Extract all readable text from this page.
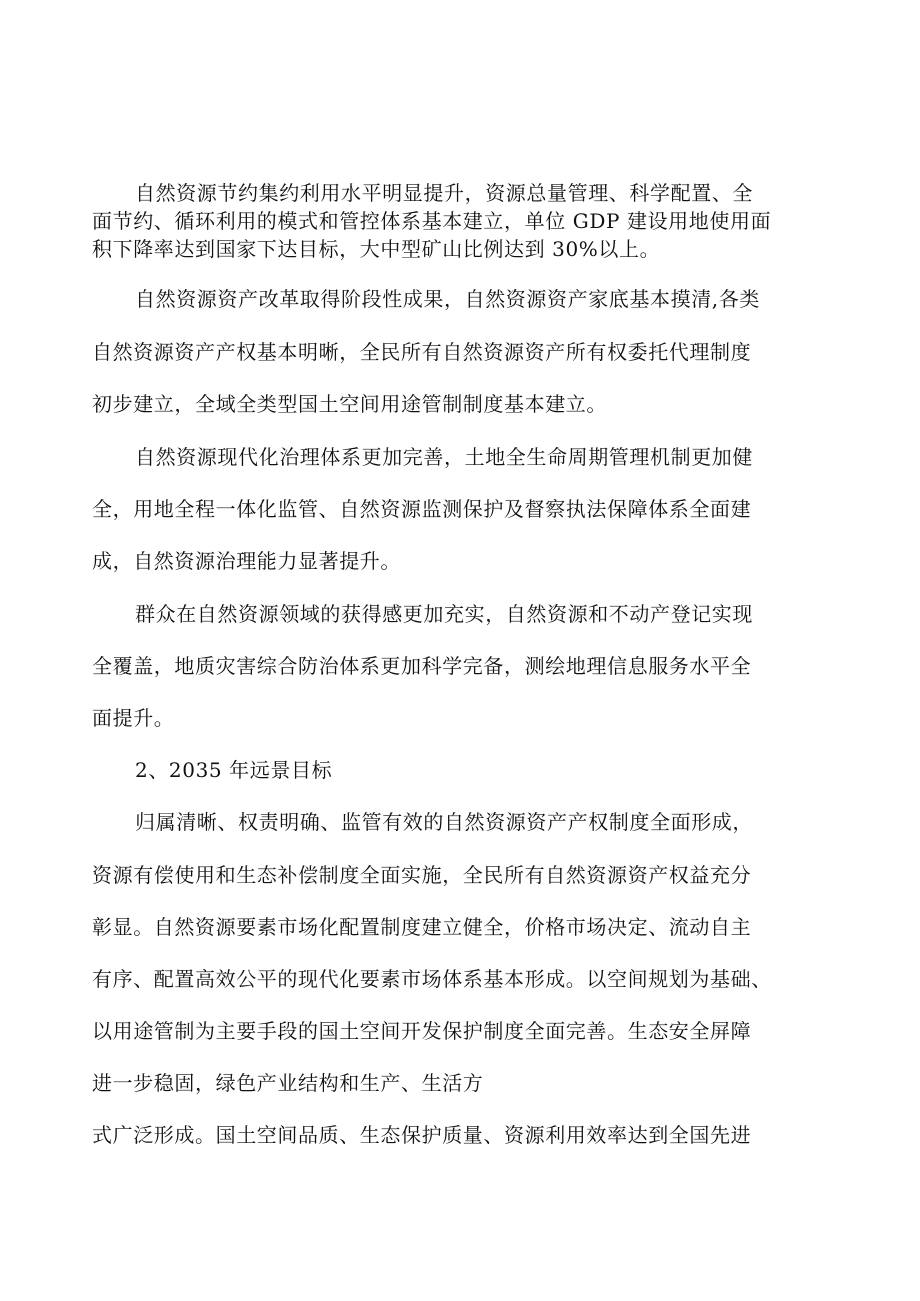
自然资源节约集约利用水平明显提升，资源总量管理、科学配置、全
面节约、循环利用的模式和管控体系基本建立，单位 GDP 建设用地使用面
积下降率达到国家下达目标，大中型矿山比例达到 30%以上。
自然资源资产改革取得阶段性成果，自然资源资产家底基本摸清,各类
自然资源资产产权基本明晰，全民所有自然资源资产所有权委托代理制度
初步建立，全域全类型国土空间用途管制制度基本建立。
自然资源现代化治理体系更加完善，土地全生命周期管理机制更加健
全，用地全程一体化监管、自然资源监测保护及督察执法保障体系全面建
成，自然资源治理能力显著提升。
群众在自然资源领域的获得感更加充实，自然资源和不动产登记实现
全覆盖，地质灾害综合防治体系更加科学完备，测绘地理信息服务水平全
面提升。
2、2035 年远景目标
归属清晰、权责明确、监管有效的自然资源资产产权制度全面形成，
资源有偿使用和生态补偿制度全面实施，全民所有自然资源资产权益充分
彰显。自然资源要素市场化配置制度建立健全，价格市场决定、流动自主
有序、配置高效公平的现代化要素市场体系基本形成。以空间规划为基础、
以用途管制为主要手段的国土空间开发保护制度全面完善。生态安全屏障
进一步稳固，绿色产业结构和生产、生活方
式广泛形成。国土空间品质、生态保护质量、资源利用效率达到全国先进
